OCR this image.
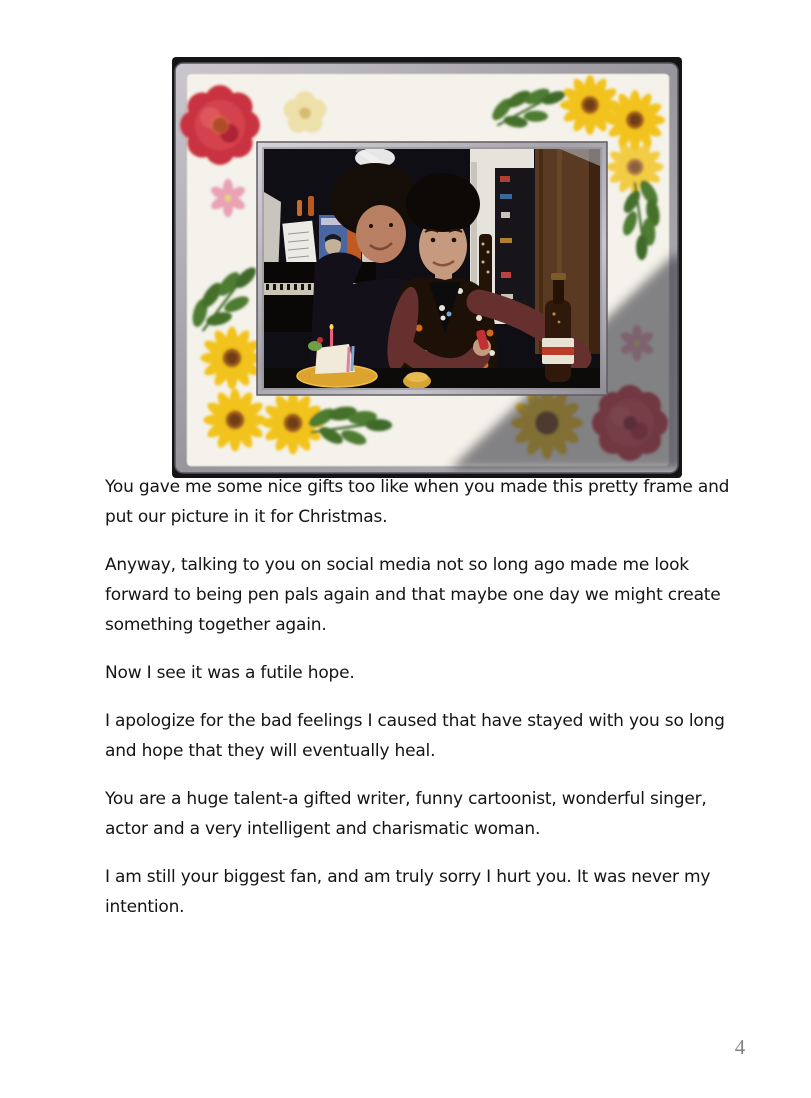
You gave me some nice gifts too like when you made this pretty frame and put our picture in it for Christmas.

Anyway, talking to you on social media not so long ago made me look forward to being pen pals again and that maybe one day we might create something together again.

Now I see it was a futile hope.

I apologize for the bad feelings I caused that have stayed with you so long and hope that they will eventually heal.

You are a huge talent-a gifted writer, funny cartoonist, wonderful singer, actor and a very intelligent and charismatic woman.

I am still your biggest fan, and am truly sorry I hurt you. It was never my intention.

4
